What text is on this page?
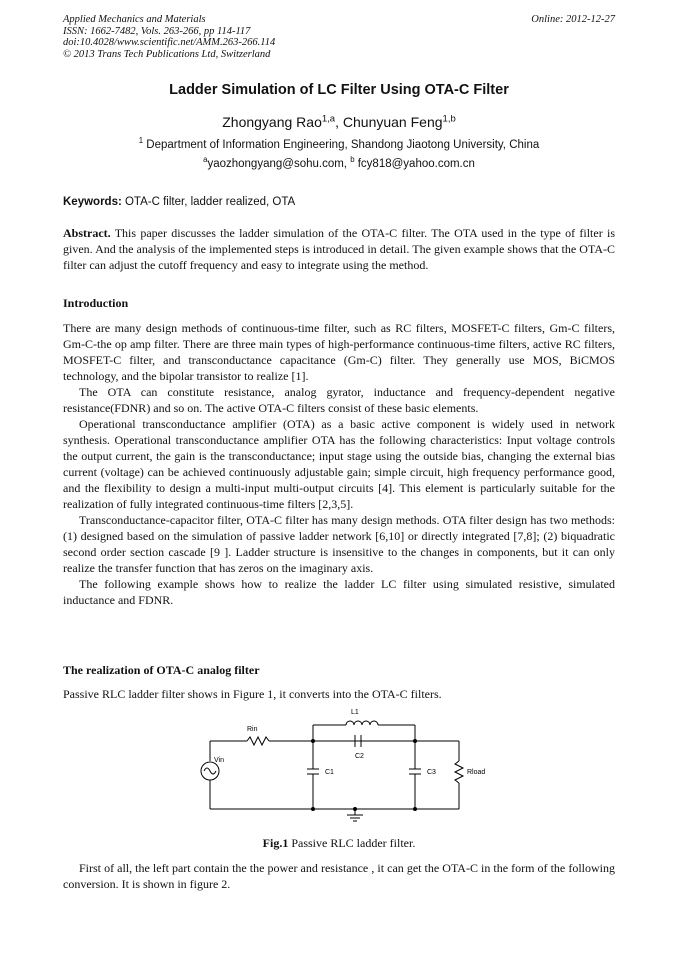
Applied Mechanics and Materials
ISSN: 1662-7482, Vols. 263-266, pp 114-117
doi:10.4028/www.scientific.net/AMM.263-266.114
© 2013 Trans Tech Publications Ltd, Switzerland
Online: 2012-12-27
Ladder Simulation of LC Filter Using OTA-C Filter
Zhongyang Rao$^{1,a}$, Chunyuan Feng$^{1,b}$
$^1$ Department of Information Engineering, Shandong Jiaotong University, China
$^a$yaozhongyang@sohu.com, $^b$ fcy818@yahoo.com.cn
Keywords: OTA-C filter, ladder realized, OTA
Abstract. This paper discusses the ladder simulation of the OTA-C filter. The OTA used in the type of filter is given. And the analysis of the implemented steps is introduced in detail. The given example shows that the OTA-C filter can adjust the cutoff frequency and easy to integrate using the method.
Introduction

There are many design methods of continuous-time filter, such as RC filters, MOSFET-C filters, Gm-C filters, Gm-C-the op amp filter. There are three main types of high-performance continuous-time filters, active RC filters, MOSFET-C filter, and transconductance capacitance (Gm-C) filter. They generally use MOS, BiCMOS technology, and the bipolar transistor to realize [1].

The OTA can constitute resistance, analog gyrator, inductance and frequency-dependent negative resistance(FDNR) and so on. The active OTA-C filters consist of these basic elements.

Operational transconductance amplifier (OTA) as a basic active component is widely used in network synthesis. Operational transconductance amplifier OTA has the following characteristics: Input voltage controls the output current, the gain is the transconductance; input stage using the outside bias, changing the external bias current (voltage) can be achieved continuously adjustable gain; simple circuit, high frequency performance good, and the flexibility to design a multi-input multi-output circuits [4]. This element is particularly suitable for the realization of fully integrated continuous-time filters [2,3,5].

Transconductance-capacitor filter, OTA-C filter has many design methods. OTA filter design has two methods: (1) designed based on the simulation of passive ladder network [6,10] or directly integrated [7,8]; (2) biquadratic second order section cascade [9 ]. Ladder structure is insensitive to the changes in components, but it can only realize the transfer function that has zeros on the imaginary axis.

The following example shows how to realize the ladder LC filter using simulated resistive, simulated inductance and FDNR.

The realization of OTA-C analog filter
Passive RLC ladder filter shows in Figure 1, it converts into the OTA-C filters.
L1
Rin
C2
Vin
C1	C3	Rload
Fig.1 Passive RLC ladder filter.
First of all, the left part contain the the power and resistance , it can get the OTA-C in the form of the following conversion. It is shown in figure 2.
